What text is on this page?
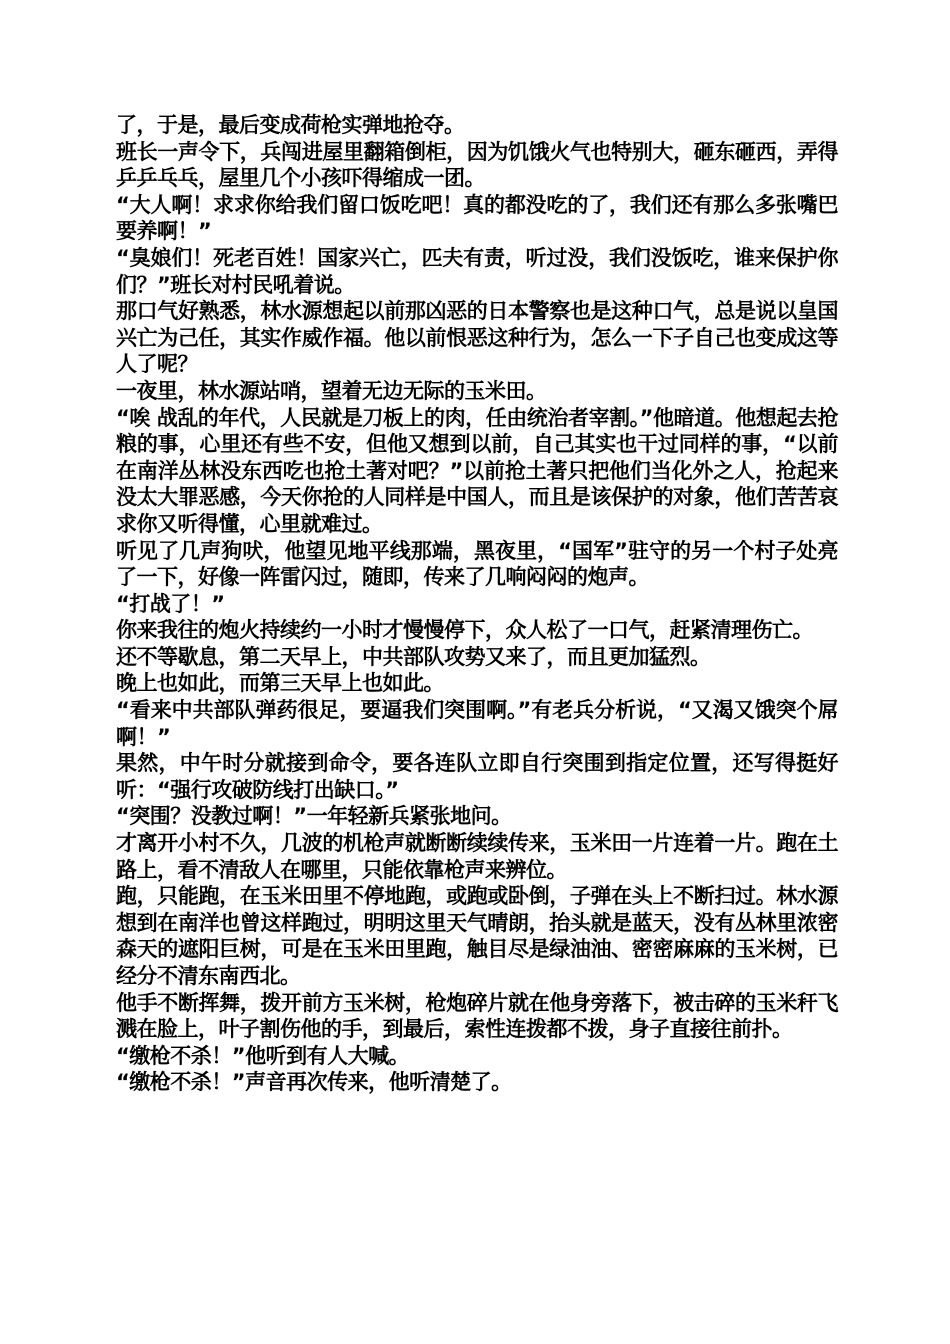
了，于是，最后变成荷枪实弹地抢夺。

班长一声令下，兵闯进屋里翻箱倒柜，因为饥饿火气也特别大，砸东砸西，弄得乒乒乓乓，屋里几个小孩吓得缩成一团。

“大人啊！求求你给我们留口饭吃吧！真的都没吃的了，我们还有那么多张嘴巴要养啊！”

“臭娘们！死老百姓！国家兴亡，匹夫有责，听过没，我们没饭吃，谁来保护你们？”班长对村民吼着说。

那口气好熟悉，林水源想起以前那凶恶的日本警察也是这种口气，总是说以皇国兴亡为己任，其实作威作福。他以前恨恶这种行为，怎么一下子自己也变成这等人了呢？

一夜里，林水源站哨，望着无边无际的玉米田。

“唉 战乱的年代，人民就是刀板上的肉，任由统治者宰割。”他暗道。他想起去抢粮的事，心里还有些不安，但他又想到以前，自己其实也干过同样的事，“以前在南洋丛林没东西吃也抢土著对吧？”以前抢土著只把他们当化外之人，抢起来没太大罪恶感，今天你抢的人同样是中国人，而且是该保护的对象，他们苦苦哀求你又听得懂，心里就难过。

听见了几声狗吠，他望见地平线那端，黑夜里，“国军”驻守的另一个村子处亮了一下，好像一阵雷闪过，随即，传来了几响闷闷的炮声。

“打战了！”

你来我往的炮火持续约一小时才慢慢停下，众人松了一口气，赶紧清理伤亡。

还不等歇息，第二天早上，中共部队攻势又来了，而且更加猛烈。

晚上也如此，而第三天早上也如此。

“看来中共部队弹药很足，要逼我们突围啊。”有老兵分析说，“又渴又饿突个屌啊！”

果然，中午时分就接到命令，要各连队立即自行突围到指定位置，还写得挺好听：“强行攻破防线打出缺口。”

“突围？没教过啊！”一年轻新兵紧张地问。

才离开小村不久，几波的机枪声就断断续续传来，玉米田一片连着一片。跑在土路上，看不清敌人在哪里，只能依靠枪声来辨位。

跑，只能跑，在玉米田里不停地跑，或跑或卧倒，子弹在头上不断扫过。林水源想到在南洋也曾这样跑过，明明这里天气晴朗，抬头就是蓝天，没有丛林里浓密森天的遮阳巨树，可是在玉米田里跑，触目尽是绿油油、密密麻麻的玉米树，已经分不清东南西北。

他手不断挥舞，拨开前方玉米树，枪炮碎片就在他身旁落下，被击碎的玉米秆飞溅在脸上，叶子割伤他的手，到最后，索性连拨都不拨，身子直接往前扑。

“缴枪不杀！”他听到有人大喊。

“缴枪不杀！”声音再次传来，他听清楚了。
